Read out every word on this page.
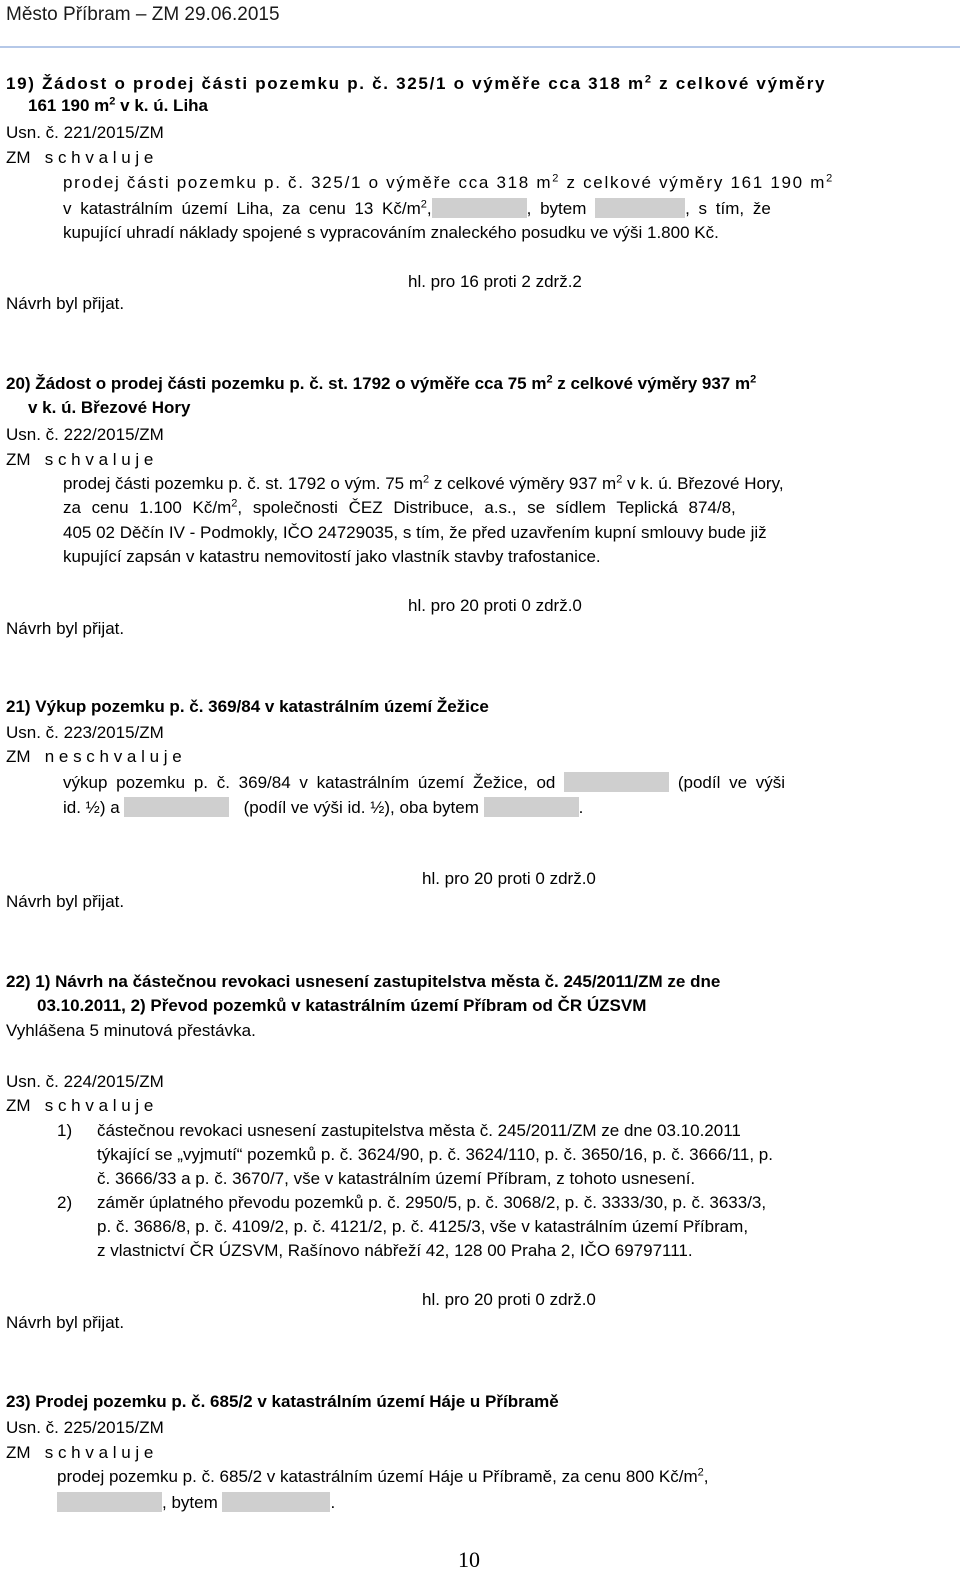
Město Příbram – ZM 29.06.2015
19) Žádost o prodej části pozemku p. č. 325/1 o výměře cca 318 $m^2$ z celkové výměry
161 190 $m^2$ v k. ú. Liha
Usn. č. 221/2015/ZM
ZM s c h v a l u j e
prodej části pozemku p. č. 325/1 o výměře cca 318 $m^2$ z celkové výměry 161 190 $m^2$
v katastrálním území Liha, za cenu 13 $Kč/m^2$,	, bytem	, s tím, že
kupující uhradí náklady spojené s vypracováním znaleckého posudku ve výši 1.800 Kč.
hl. pro 16 proti 2 zdrž.2
Návrh byl přijat.
20) Žádost o prodej části pozemku p. č. st. 1792 o výměře cca 75 $m^2$ z celkové výměry 937 $m^2$
v k. ú. Březové Hory
Usn. č. 222/2015/ZM
ZM s c h v a l u j e
prodej části pozemku p. č. st. 1792 o vým. 75 $m^2$ z celkové výměry 937 $m^2$ v k. ú. Březové Hory,
za cenu 1.100 $Kč/m^2$, společnosti ČEZ Distribuce, a.s., se sídlem Teplická 874/8,
405 02 Děčín IV - Podmokly, IČO 24729035, s tím, že před uzavřením kupní smlouvy bude již
kupující zapsán v katastru nemovitostí jako vlastník stavby trafostanice.
hl. pro 20 proti 0 zdrž.0
Návrh byl přijat.
21) Výkup pozemku p. č. 369/84 v katastrálním území Žežice
Usn. č. 223/2015/ZM
ZM n e s c h v a l u j e
výkup pozemku p. č. 369/84 v katastrálním území Žežice, od	(podíl ve výši
id. ½) a	(podíl ve výši id. ½), oba bytem	.
hl. pro 20 proti 0 zdrž.0
Návrh byl přijat.
22) 1) Návrh na částečnou revokaci usnesení zastupitelstva města č. 245/2011/ZM ze dne
03.10.2011, 2) Převod pozemků v katastrálním území Příbram od ČR ÚZSVM
Vyhlášena 5 minutová přestávka.
Usn. č. 224/2015/ZM
ZM s c h v a l u j e
1) částečnou revokaci usnesení zastupitelstva města č. 245/2011/ZM ze dne 03.10.2011
týkající se „vyjmutí“ pozemků p. č. 3624/90, p. č. 3624/110, p. č. 3650/16, p. č. 3666/11, p.
č. 3666/33 a p. č. 3670/7, vše v katastrálním území Příbram, z tohoto usnesení.
2) záměr úplatného převodu pozemků p. č. 2950/5, p. č. 3068/2, p. č. 3333/30, p. č. 3633/3,
p. č. 3686/8, p. č. 4109/2, p. č. 4121/2, p. č. 4125/3, vše v katastrálním území Příbram,
z vlastnictví ČR ÚZSVM, Rašínovo nábřeží 42, 128 00 Praha 2, IČO 69797111.
hl. pro 20 proti 0 zdrž.0
Návrh byl přijat.
23) Prodej pozemku p. č. 685/2 v katastrálním území Háje u Příbramě
Usn. č. 225/2015/ZM
ZM s c h v a l u j e
prodej pozemku p. č. 685/2 v katastrálním území Háje u Příbramě, za cenu 800 $Kč/m^2$,
, bytem	.
10
